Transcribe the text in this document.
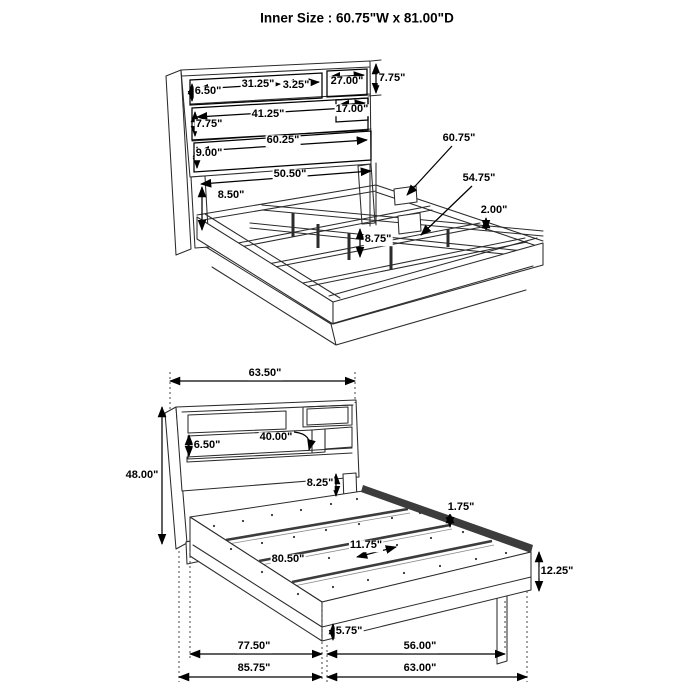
Inner Size : 60.75"W x 81.00"D
6.50"
31.25" 3.25" 27.00" 7.75"
41.25"	17.00"
7.75"
60.25"
9.00"
50.50"
8.50"
60.75"
54.75"
2.00"
8.75"
63.50"
48.00"
6.50"
40.00"
8.25"
1.75"
11.75"
80.50"
12.25"
5.75"
77.50"	56.00"
85.75"	63.00"
